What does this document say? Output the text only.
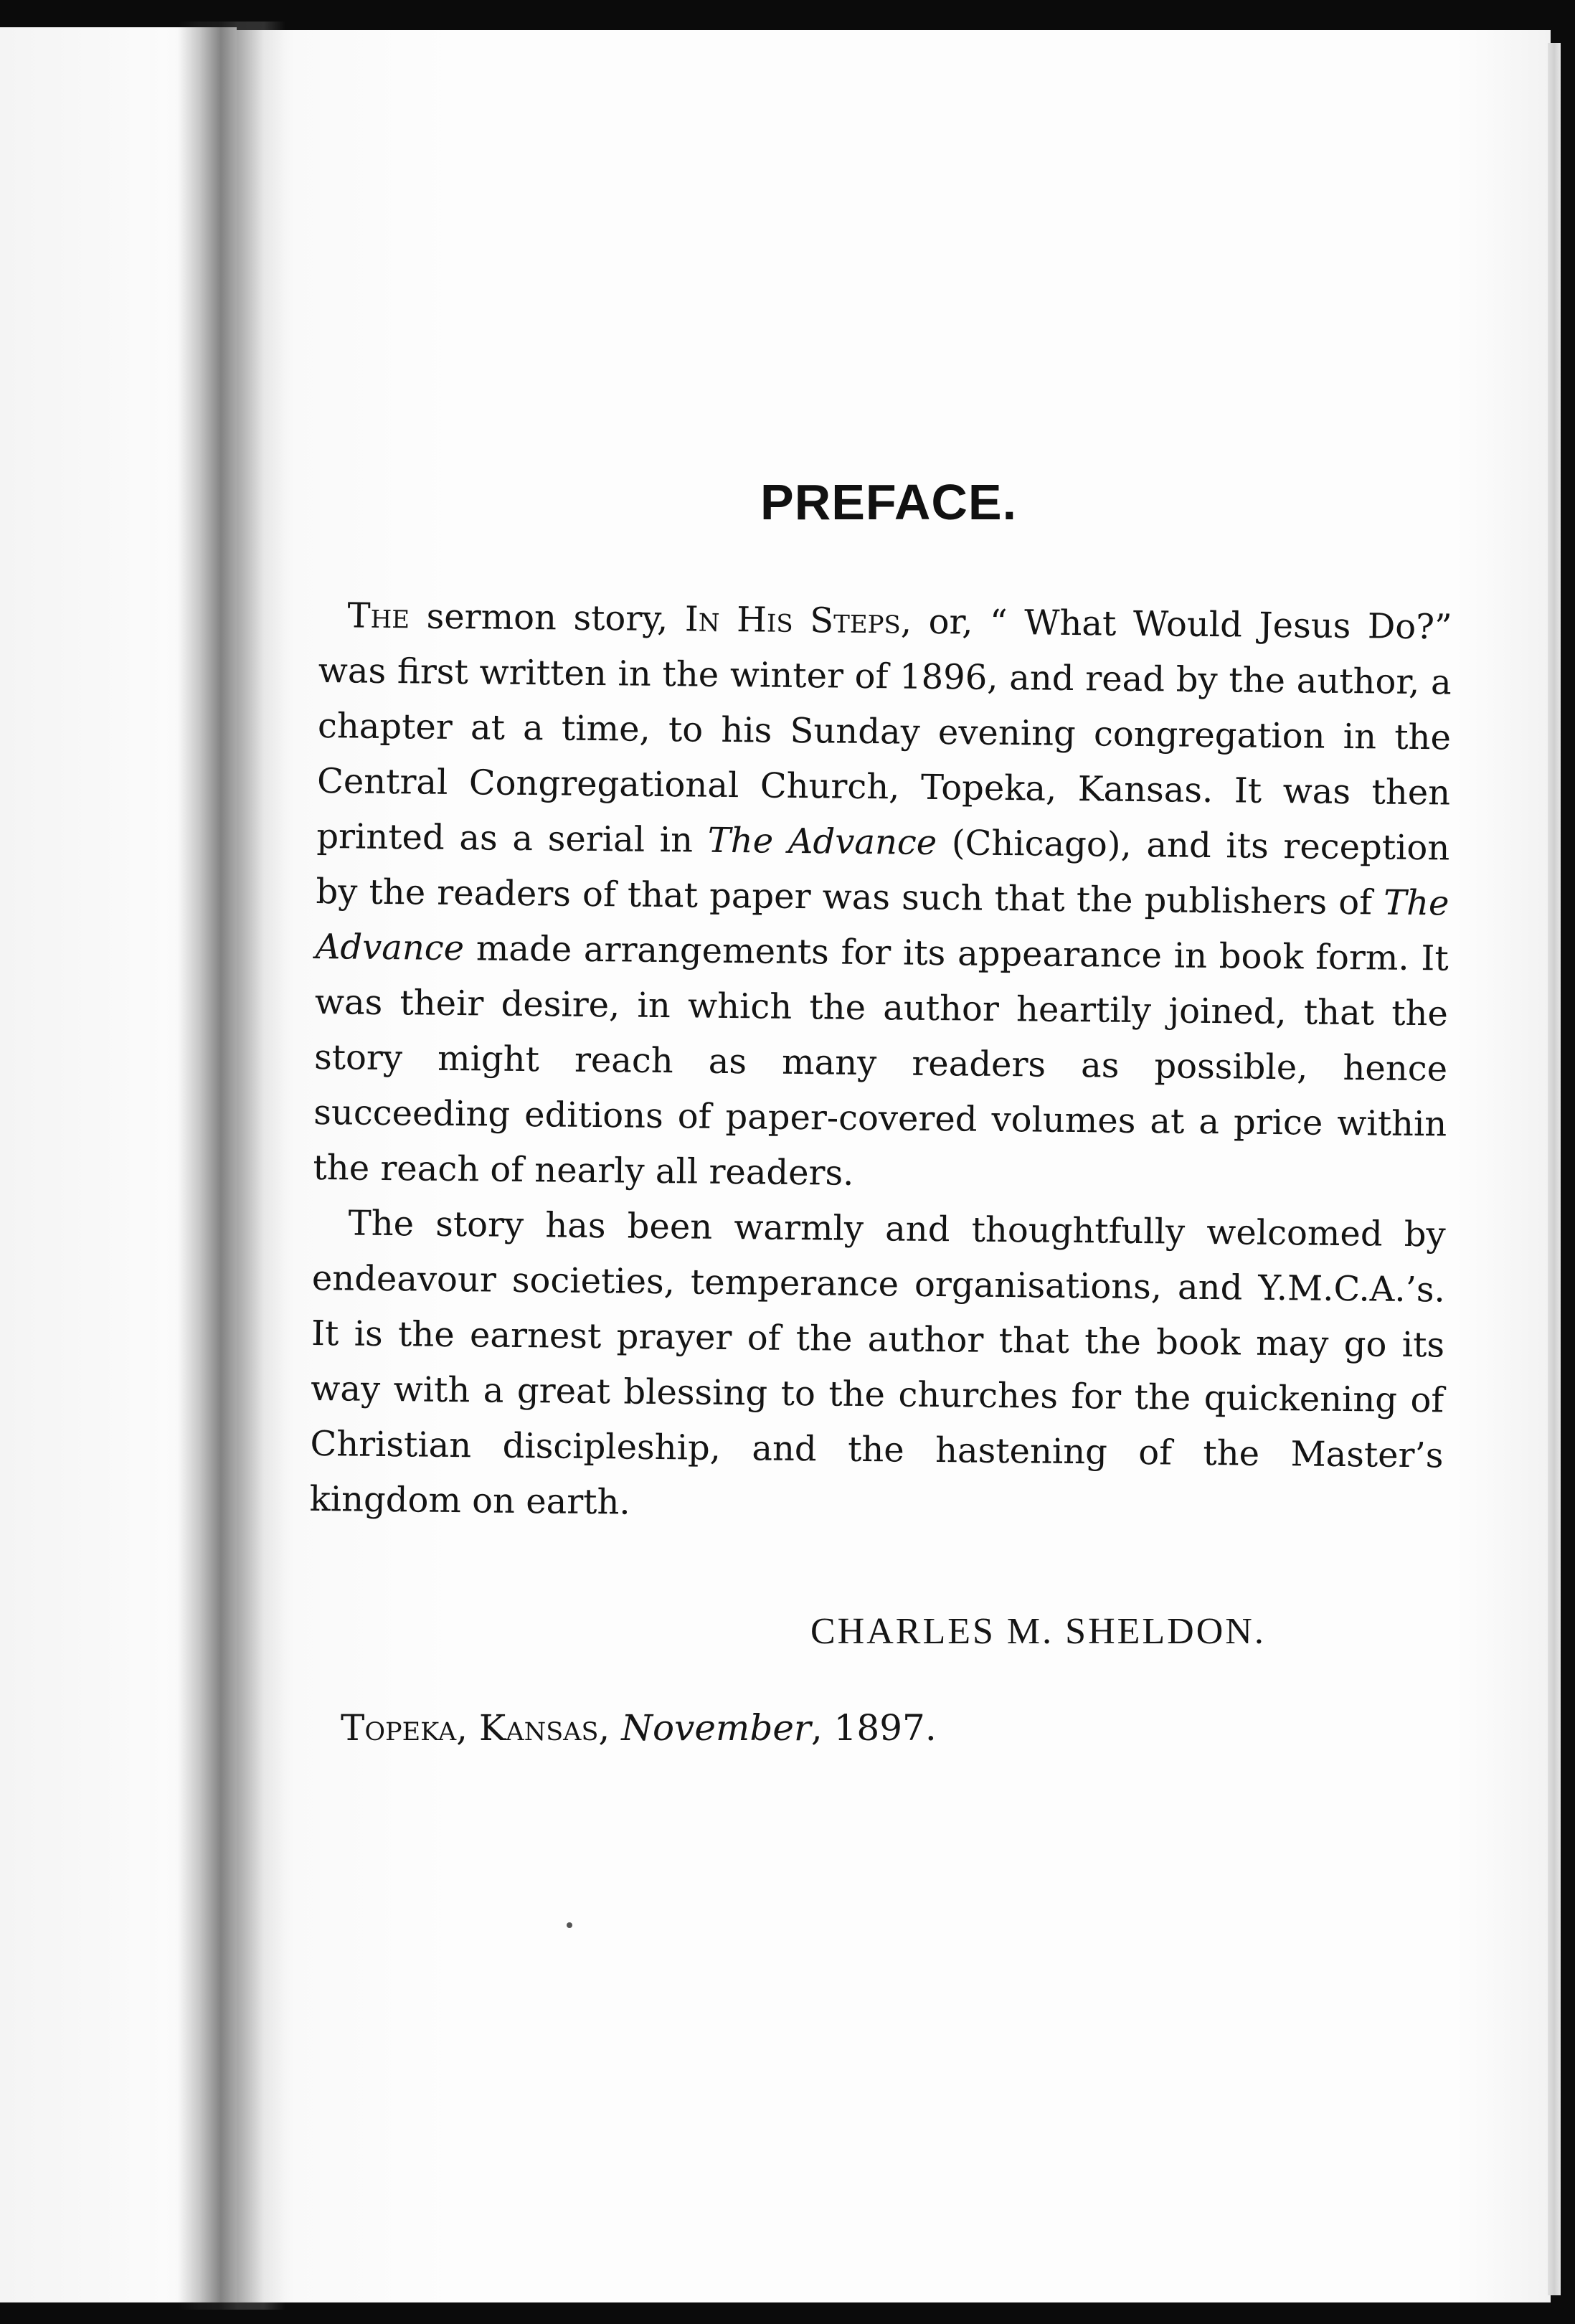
PREFACE.

The sermon story, In His Steps, or, “ What Would Jesus Do?” was first written in the winter of 1896, and read by the author, a chapter at a time, to his Sunday evening congregation in the Central Congregational Church, Topeka, Kansas. It was then printed as a serial in The Advance (Chicago), and its reception by the readers of that paper was such that the publishers of The Advance made arrangements for its appearance in book form. It was their desire, in which the author heartily joined, that the story might reach as many readers as possible, hence succeeding editions of paper-covered volumes at a price within the reach of nearly all readers.

The story has been warmly and thoughtfully welcomed by endeavour societies, temperance organisations, and Y.M.C.A.’s. It is the earnest prayer of the author that the book may go its way with a great blessing to the churches for the quickening of Christian discipleship, and the hastening of the Master’s kingdom on earth.

CHARLES M. SHELDON.
Topeka, Kansas, November, 1897.
